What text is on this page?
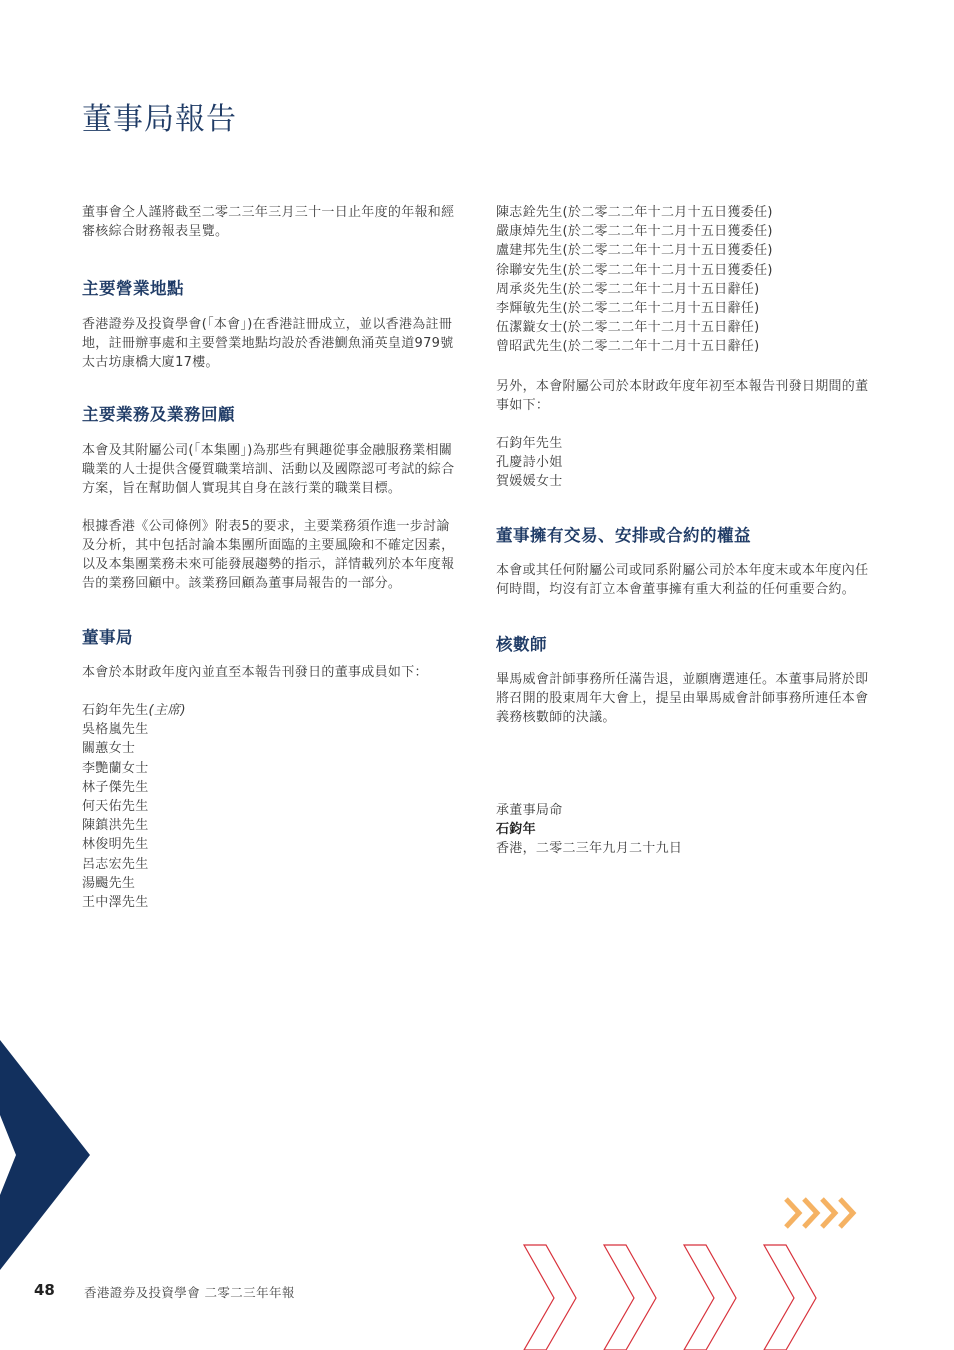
董事局報告

董事會仝人謹將截至二零二三年三月三十一日止年度的年報和經審核綜合財務報表呈覽。

主要營業地點

香港證券及投資學會(「本會」)在香港註冊成立，並以香港為註冊地，註冊辦事處和主要營業地點均設於香港鰂魚涌英皇道979號太古坊康橋大廈17樓。

主要業務及業務回顧

本會及其附屬公司(「本集團」)為那些有興趣從事金融服務業相關職業的人士提供含優質職業培訓、活動以及國際認可考試的綜合方案，旨在幫助個人實現其自身在該行業的職業目標。

根據香港《公司條例》附表5的要求，主要業務須作進一步討論及分析，其中包括討論本集團所面臨的主要風險和不確定因素，以及本集團業務未來可能發展趨勢的指示，詳情載列於本年度報告的業務回顧中。該業務回顧為董事局報告的一部分。

董事局

本會於本財政年度內並直至本報告刊發日的董事成員如下：

石鈞年先生(主席)
吳格嵐先生
關蕙女士
李艷蘭女士
林子傑先生
何天佑先生
陳鎮洪先生
林俊明先生
呂志宏先生
湯颺先生
王中澤先生
陳志銓先生(於二零二二年十二月十五日獲委任)
嚴康焯先生(於二零二二年十二月十五日獲委任)
盧建邦先生(於二零二二年十二月十五日獲委任)
徐聯安先生(於二零二二年十二月十五日獲委任)
周承炎先生(於二零二二年十二月十五日辭任)
李輝敏先生(於二零二二年十二月十五日辭任)
伍潔鏇女士(於二零二二年十二月十五日辭任)
曾昭武先生(於二零二二年十二月十五日辭任)

另外，本會附屬公司於本財政年度年初至本報告刊發日期間的董事如下：

石鈞年先生
孔慶詩小姐
賀媛媛女士
董事擁有交易、安排或合約的權益

本會或其任何附屬公司或同系附屬公司於本年度末或本年度內任何時間，均沒有訂立本會董事擁有重大利益的任何重要合約。

核數師

畢馬威會計師事務所任滿告退，並願膺選連任。本董事局將於即將召開的股東周年大會上，提呈由畢馬威會計師事務所連任本會義務核數師的決議。

承董事局命

石鈞年

香港，二零二三年九月二十九日

48 香港證券及投資學會 二零二三年年報
